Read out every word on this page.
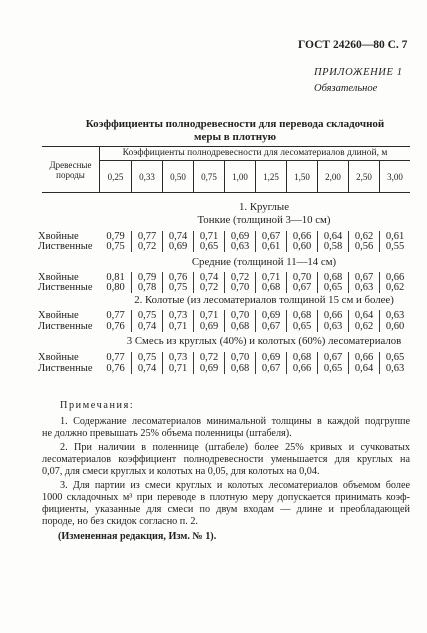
ГОСТ 24260—80 С. 7
ПРИЛОЖЕНИЕ 1
Обязательное
Коэффициенты полнодревесности для перевода складочной
меры в плотную
Древесные породы
Коэффициенты полнодревесности для лесоматериалов длиной, м
0,25	0,33	0,50	0,75	1,00	1,25	1,50	2,00	2,50	3,00
1. Круглые
Тонкие (толщиной 3—10 см)
Хвойные	0,79	0,77	0,74	0,71	0,69	0,67	0,66	0,64	0,62	0,61
Лиственные	0,75	0,72	0,69	0,65	0,63	0,61	0,60	0,58	0,56	0,55
Средние (толщиной 11—14 см)
Хвойные	0,81	0,79	0,76	0,74	0,72	0,71	0,70	0,68	0,67	0,66
Лиственные	0,80	0,78	0,75	0,72	0,70	0,68	0,67	0,65	0,63	0,62
2. Колотые (из лесоматериалов толщиной 15 см и более)
Хвойные	0,77	0,75	0,73	0,71	0,70	0,69	0,68	0,66	0,64	0,63
Лиственные	0,76	0,74	0,71	0,69	0,68	0,67	0,65	0,63	0,62	0,60
3 Смесь из круглых (40%) и колотых (60%) лесоматериалов
Хвойные	0,77	0,75	0,73	0,72	0,70	0,69	0,68	0,67	0,66	0,65
Лиственные	0,76	0,74	0,71	0,69	0,68	0,67	0,66	0,65	0,64	0,63
Примечания:
1. Содержание лесоматериалов минимальной толщины в каждой подгруппе
не должно превышать 25% объема поленницы (штабеля).
2. При наличии в поленнице (штабеле) более 25% кривых и сучковатых
лесоматериалов коэффициент полнодревесности уменьшается для круглых на
0,07, для смеси круглых и колотых на 0,05, для колотых на 0,04.
3. Для партии из смеси круглых и колотых лесоматериалов объемом более
1000 складочных м³ при переводе в плотную меру допускается принимать коэф-
фициенты, указанные для смеси по двум входам — длине и преобладающей
породе, но без скидок согласно п. 2.
(Измененная редакция, Изм. № 1).
